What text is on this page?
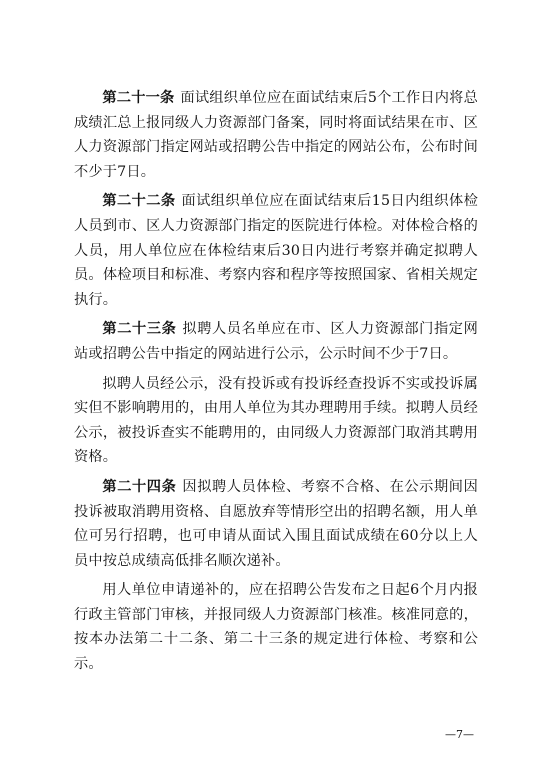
第二十一条 面试组织单位应在面试结束后5个工作日内将总成绩汇总上报同级人力资源部门备案，同时将面试结果在市、区人力资源部门指定网站或招聘公告中指定的网站公布，公布时间不少于7日。

第二十二条 面试组织单位应在面试结束后15日内组织体检人员到市、区人力资源部门指定的医院进行体检。对体检合格的人员，用人单位应在体检结束后30日内进行考察并确定拟聘人员。体检项目和标准、考察内容和程序等按照国家、省相关规定执行。

第二十三条 拟聘人员名单应在市、区人力资源部门指定网站或招聘公告中指定的网站进行公示，公示时间不少于7日。

拟聘人员经公示，没有投诉或有投诉经查投诉不实或投诉属实但不影响聘用的，由用人单位为其办理聘用手续。拟聘人员经公示，被投诉查实不能聘用的，由同级人力资源部门取消其聘用资格。

第二十四条 因拟聘人员体检、考察不合格、在公示期间因投诉被取消聘用资格、自愿放弃等情形空出的招聘名额，用人单位可另行招聘，也可申请从面试入围且面试成绩在60分以上人员中按总成绩高低排名顺次递补。

用人单位申请递补的，应在招聘公告发布之日起6个月内报行政主管部门审核，并报同级人力资源部门核准。核准同意的，按本办法第二十二条、第二十三条的规定进行体检、考察和公示。

—7—
